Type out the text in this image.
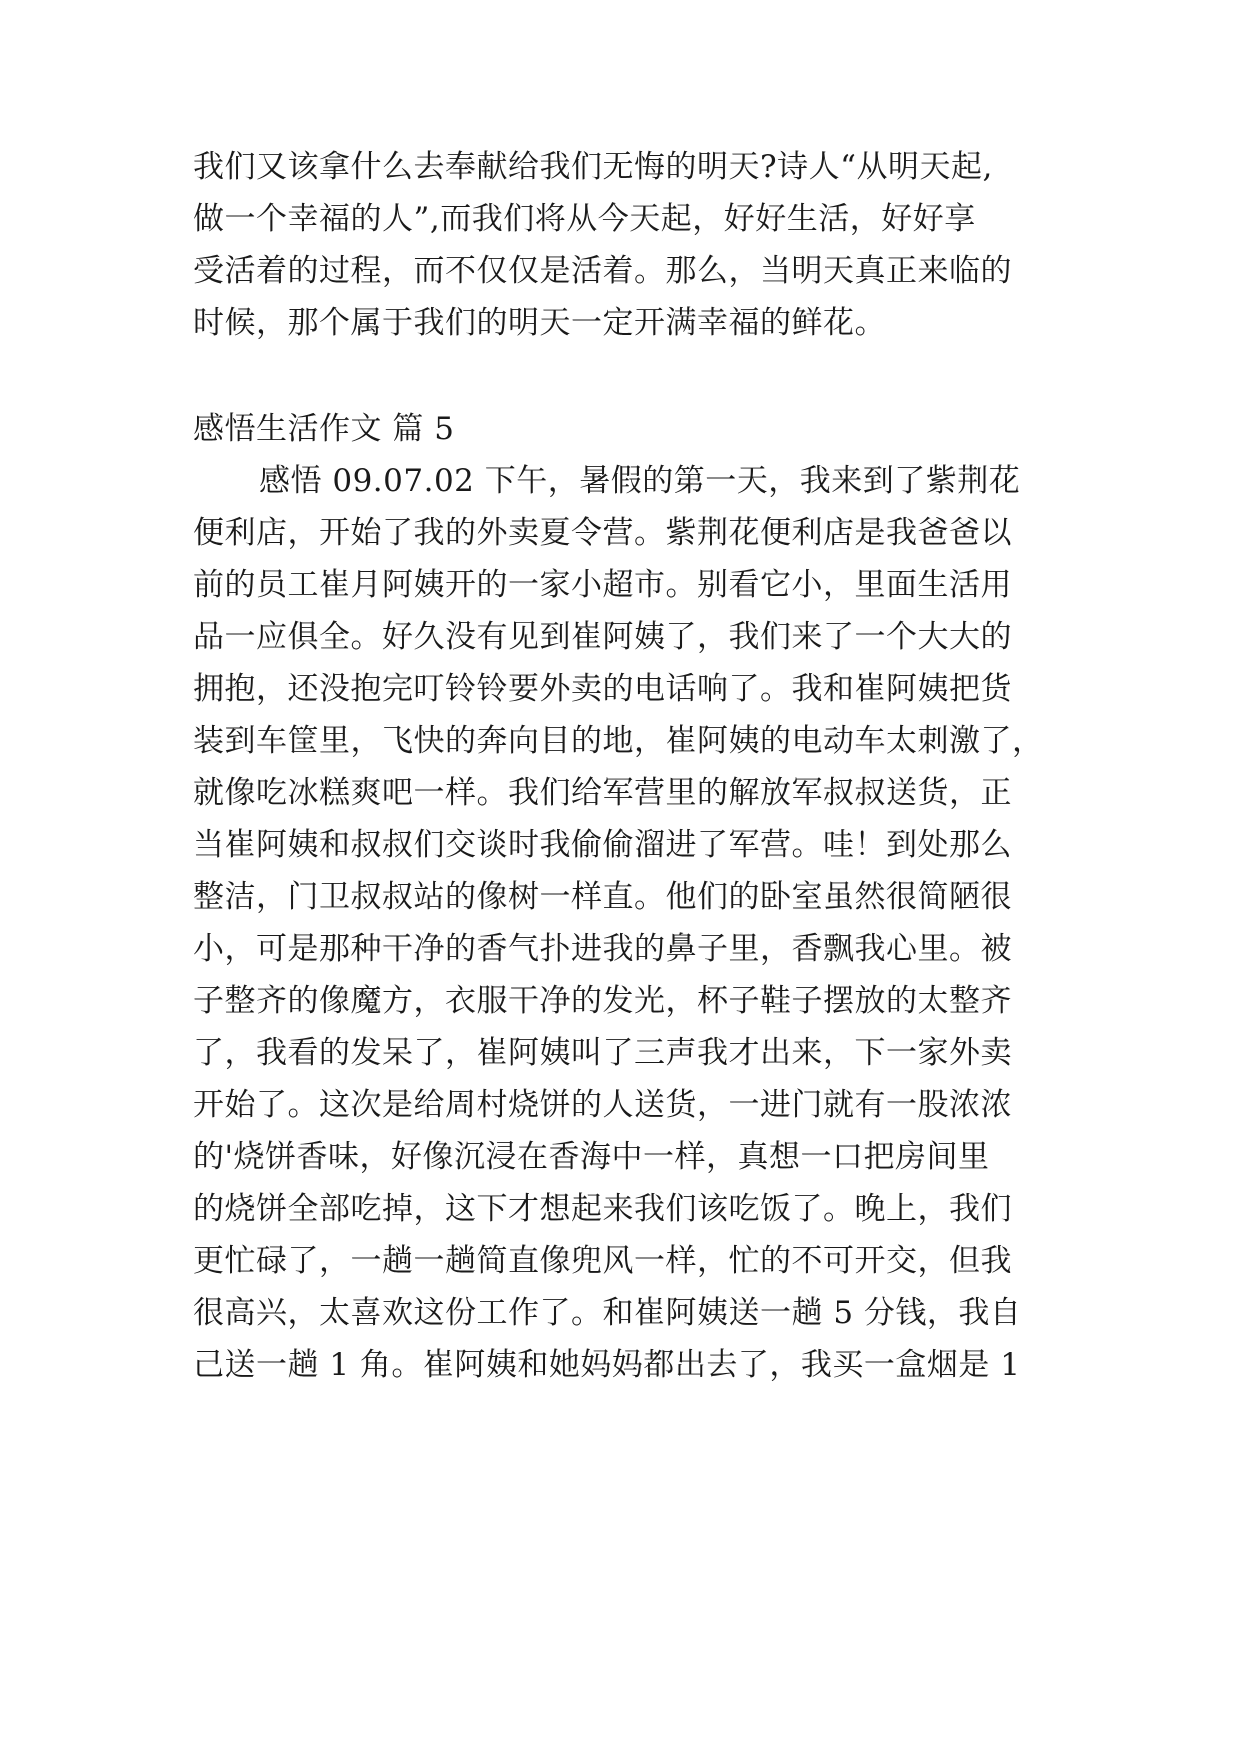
我们又该拿什么去奉献给我们无悔的明天?诗人“从明天起,
做一个幸福的人”,而我们将从今天起，好好生活，好好享
受活着的过程，而不仅仅是活着。那么，当明天真正来临的
时候，那个属于我们的明天一定开满幸福的鲜花。
感悟生活作文 篇 5
感悟 09.07.02 下午，暑假的第一天，我来到了紫荆花
便利店，开始了我的外卖夏令营。紫荆花便利店是我爸爸以
前的员工崔月阿姨开的一家小超市。别看它小，里面生活用
品一应俱全。好久没有见到崔阿姨了，我们来了一个大大的
拥抱，还没抱完叮铃铃要外卖的电话响了。我和崔阿姨把货
装到车筐里，飞快的奔向目的地，崔阿姨的电动车太刺激了，
就像吃冰糕爽吧一样。我们给军营里的解放军叔叔送货，正
当崔阿姨和叔叔们交谈时我偷偷溜进了军营。哇！到处那么
整洁，门卫叔叔站的像树一样直。他们的卧室虽然很简陋很
小，可是那种干净的香气扑进我的鼻子里，香飘我心里。被
子整齐的像魔方，衣服干净的发光，杯子鞋子摆放的太整齐
了，我看的发呆了，崔阿姨叫了三声我才出来，下一家外卖
开始了。这次是给周村烧饼的人送货，一进门就有一股浓浓
的'烧饼香味，好像沉浸在香海中一样，真想一口把房间里
的烧饼全部吃掉，这下才想起来我们该吃饭了。晚上，我们
更忙碌了，一趟一趟简直像兜风一样，忙的不可开交，但我
很高兴，太喜欢这份工作了。和崔阿姨送一趟 5 分钱，我自
己送一趟 1 角。崔阿姨和她妈妈都出去了，我买一盒烟是 1
